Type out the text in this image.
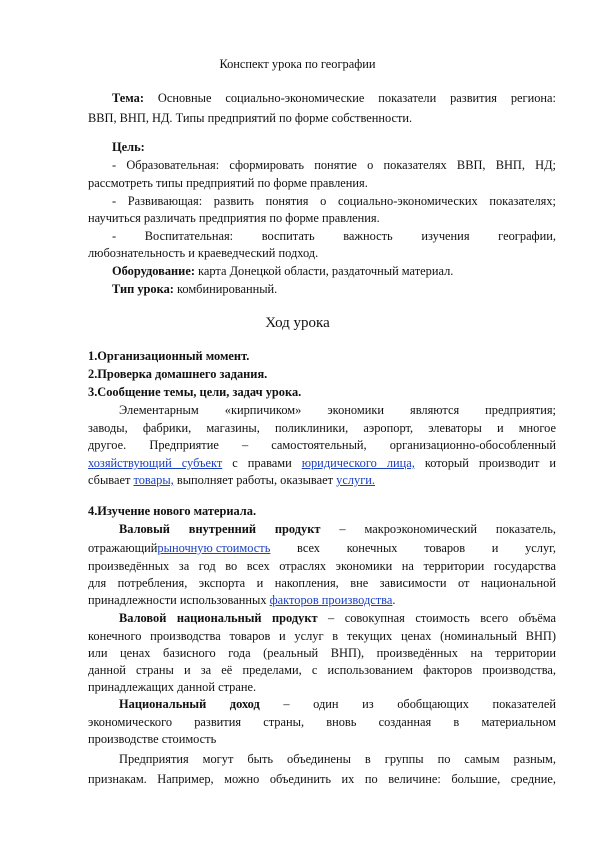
Конспект урока по географии
Тема: Основные социально-экономические показатели развития региона:
ВВП, ВНП, НД. Типы предприятий по форме собственности.
Цель:
- Образовательная: сформировать понятие о показателях ВВП, ВНП, НД;
рассмотреть типы предприятий по форме правления.
- Развивающая: развить понятия о социально-экономических показателях;
научиться различать предприятия по форме правления.
- Воспитательная: воспитать важность изучения географии,
любознательность и краеведческий подход.
Оборудование: карта Донецкой области, раздаточный материал.
Тип урока: комбинированный.
Ход урока
1.Организационный момент.
2.Проверка домашнего задания.
3.Сообщение темы, цели, задач урока.
Элементарным «кирпичиком» экономики являются предприятия;
заводы, фабрики, магазины, поликлиники, аэропорт, элеваторы и многое
другое. Предприятие – самостоятельный, организационно-обособленный
хозяйствующий субъект с правами юридического лица, который производит и
сбывает товары, выполняет работы, оказывает услуги.
4.Изучение нового материала.
Валовый внутренний продукт – макроэкономический показатель,
отражающийрыночную стоимость всех конечных товаров и услуг,
произведённых за год во всех отраслях экономики на территории государства
для потребления, экспорта и накопления, вне зависимости от национальной
принадлежности использованных факторов производства.
Валовой национальный продукт – совокупная стоимость всего объёма
конечного производства товаров и услуг в текущих ценах (номинальный ВНП)
или ценах базисного года (реальный ВНП), произведённых на территории
данной страны и за её пределами, с использованием факторов производства,
принадлежащих данной стране.
Национальный доход – один из обобщающих показателей
экономического развития страны, вновь созданная в материальном
производстве стоимость
Предприятия могут быть объединены в группы по самым разным,
признакам. Например, можно объединить их по величине: большие, средние,
